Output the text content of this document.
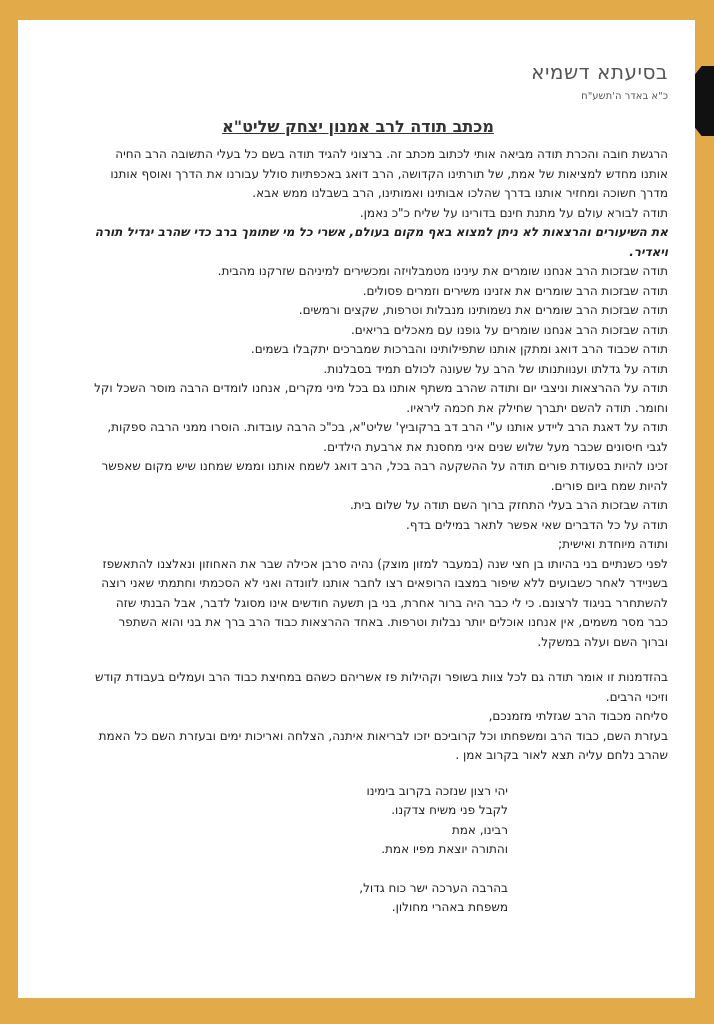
בסיעתא דשמיא
כ"א באדר ה'תשע"ח
מכתב תודה לרב אמנון יצחק שליט"א

הרגשת חובה והכרת תודה מביאה אותי לכתוב מכתב זה. ברצוני להגיד תודה בשם כל בעלי התשובה הרב החיה

אותנו מחדש למציאות של אמת, של תורתינו הקדושה, הרב דואג באכפתיות סולל עבורנו את הדרך ואוסף אותנו

מדרך חשוכה ומחזיר אותנו בדרך שהלכו אבותינו ואמותינו, הרב בשבלנו ממש אבא.

תודה לבורא עולם על מתנת חינם בדורינו על שליח כ"כ נאמן.

את השיעורים והרצאות לא ניתן למצוא באף מקום בעולם, אשרי כל מי שתומך ברב כדי שהרב יגדיל תורה

ויאדיר.

תודה שבזכות הרב אנחנו שומרים את עינינו מטמבלויזה ומכשירים למיניהם שזרקנו מהבית.

תודה שבזכות הרב שומרים את אזנינו משירים וזמרים פסולים.

תודה שבזכות הרב שומרים את נשמותינו מנבלות וטרפות, שקצים ורמשים.

תודה שבזכות הרב אנחנו שומרים על גופנו עם מאכלים בריאים.

תודה שכבוד הרב דואג ומתקן אותנו שתפילותינו והברכות שמברכים יתקבלו בשמים.

תודה על גדלתו וענוותנותו של הרב על שעונה לכולם תמיד בסבלנות.

תודה על ההרצאות וניצבי יום ותודה שהרב משתף אותנו גם בכל מיני מקרים, אנחנו לומדים הרבה מוסר השכל וקל

וחומר. תודה להשם יתברך שחילק את חכמה ליראיו.

תודה על דאגת הרב ליידע אותנו ע"י הרב דב ברקוביץ' שליט"א, בכ"כ הרבה עובדות. הוסרו ממני הרבה ספקות,

לגבי חיסונים שכבר מעל שלוש שנים איני מחסנת את ארבעת הילדים.

זכינו להיות בסעודת פורים תודה על ההשקעה רבה בכל, הרב דואג לשמח אותנו וממש שמחנו שיש מקום שאפשר

להיות שמח ביום פורים.

תודה שבזכות הרב בעלי התחזק ברוך השם תודה על שלום בית.

תודה על כל הדברים שאי אפשר לתאר במילים בדף.

ותודה מיוחדת ואישית;

לפני כשנתיים בני בהיותו בן חצי שנה (במעבר למזון מוצק) נהיה סרבן אכילה שבר את האחוזון ונאלצנו להתאשפז

בשניידר לאחר כשבועים ללא שיפור במצבו הרופאים רצו לחבר אותנו לזונדה ואני לא הסכמתי וחתמתי שאני רוצה

להשתחרר בניגוד לרצונם. כי לי כבר היה ברור אחרת, בני בן תשעה חודשים אינו מסוגל לדבר, אבל הבנתי שזה

כבר מסר משמים, אין אנחנו אוכלים יותר נבלות וטרפות. באחד ההרצאות כבוד הרב ברך את בני והוא השתפר

וברוך השם ועלה במשקל.

בהזדמנות זו אומר תודה גם לכל צוות בשופר וקהילות פז אשריהם כשהם במחיצת כבוד הרב ועמלים בעבודת קודש

וזיכוי הרבים.

סליחה מכבוד הרב שגזלתי מזמנכם,

בעזרת השם, כבוד הרב ומשפחתו וכל קרוביכם יזכו לבריאות איתנה, הצלחה ואריכות ימים ובעזרת השם כל האמת

שהרב נלחם עליה תצא לאור בקרוב אמן .

יהי רצון שנזכה בקרוב בימינו

לקבל פני משיח צדקנו.

רבינו, אמת

והתורה יוצאת מפיו אמת.

בהרבה הערכה ישר כוח גדול,

משפחת באהרי מחולון.
